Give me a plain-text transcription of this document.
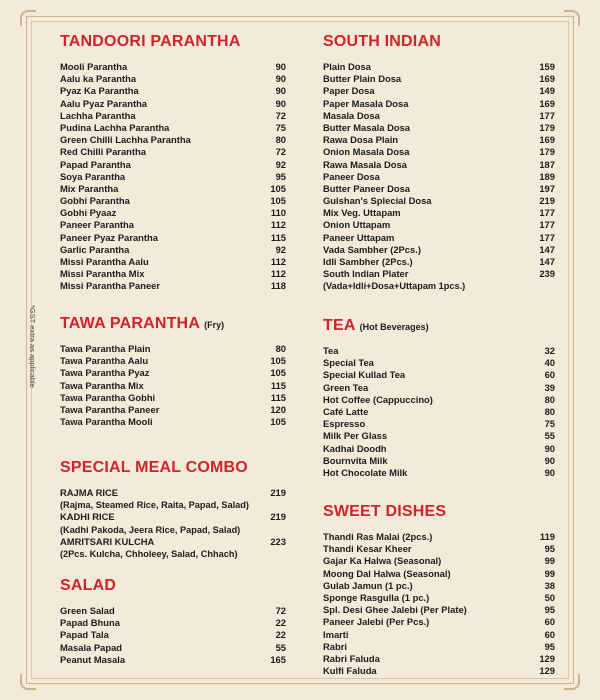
*GST extra as applicable
TANDOORI PARANTHA
Mooli Parantha	90
Aalu ka Parantha	90
Pyaz Ka Parantha	90
Aalu Pyaz Parantha	90
Lachha Parantha	72
Pudina Lachha Parantha	75
Green Chilli Lachha Parantha	80
Red Chilli Parantha	72
Papad Parantha	92
Soya Parantha	95
Mix Parantha	105
Gobhi Parantha	105
Gobhi Pyaaz	110
Paneer Parantha	112
Paneer Pyaz Parantha	115
Garlic Parantha	92
Missi Parantha Aalu	112
Missi Parantha Mix	112
Missi Parantha Paneer	118
TAWA PARANTHA (Fry)
Tawa Parantha Plain	80
Tawa Parantha Aalu	105
Tawa Parantha Pyaz	105
Tawa Parantha Mix	115
Tawa Parantha Gobhi	115
Tawa Parantha Paneer	120
Tawa Parantha Mooli	105
SPECIAL MEAL COMBO
RAJMA RICE	219
(Rajma, Steamed Rice, Raita, Papad, Salad)
KADHI RICE	219
(Kadhi Pakoda, Jeera Rice, Papad, Salad)
AMRITSARI KULCHA	223
(2Pcs. Kulcha, Chholeey, Salad, Chhach)
SALAD
Green Salad	72
Papad Bhuna	22
Papad Tala	22
Masala Papad	55
Peanut Masala	165
SOUTH INDIAN
Plain Dosa	159
Butter Plain Dosa	169
Paper Dosa	149
Paper Masala Dosa	169
Masala Dosa	177
Butter Masala Dosa	179
Rawa Dosa Plain	169
Onion Masala Dosa	179
Rawa Masala Dosa	187
Paneer Dosa	189
Butter Paneer Dosa	197
Gulshan's Splecial Dosa	219
Mix Veg. Uttapam	177
Onion Uttapam	177
Paneer Uttapam	177
Vada Sambher (2Pcs.)	147
Idli Sambher (2Pcs.)	147
South Indian Plater	239
(Vada+Idli+Dosa+Uttapam 1pcs.)
TEA (Hot Beverages)
Tea	32
Special Tea	40
Special Kullad Tea	60
Green Tea	39
Hot Coffee (Cappuccino)	80
Café Latte	80
Espresso	75
Milk Per Glass	55
Kadhai Doodh	90
Bournvita Milk	90
Hot Chocolate Milk	90
SWEET DISHES
Thandi Ras Malai (2pcs.)	119
Thandi Kesar Kheer	95
Gajar Ka Halwa (Seasonal)	99
Moong Dal Halwa (Seasonal)	99
Gulab Jamun (1 pc.)	38
Sponge Rasgulla (1 pc.)	50
Spl. Desi Ghee Jalebi (Per Plate)	95
Paneer Jalebi (Per Pcs.)	60
Imarti	60
Rabri	95
Rabri Faluda	129
Kulfi Faluda	129
